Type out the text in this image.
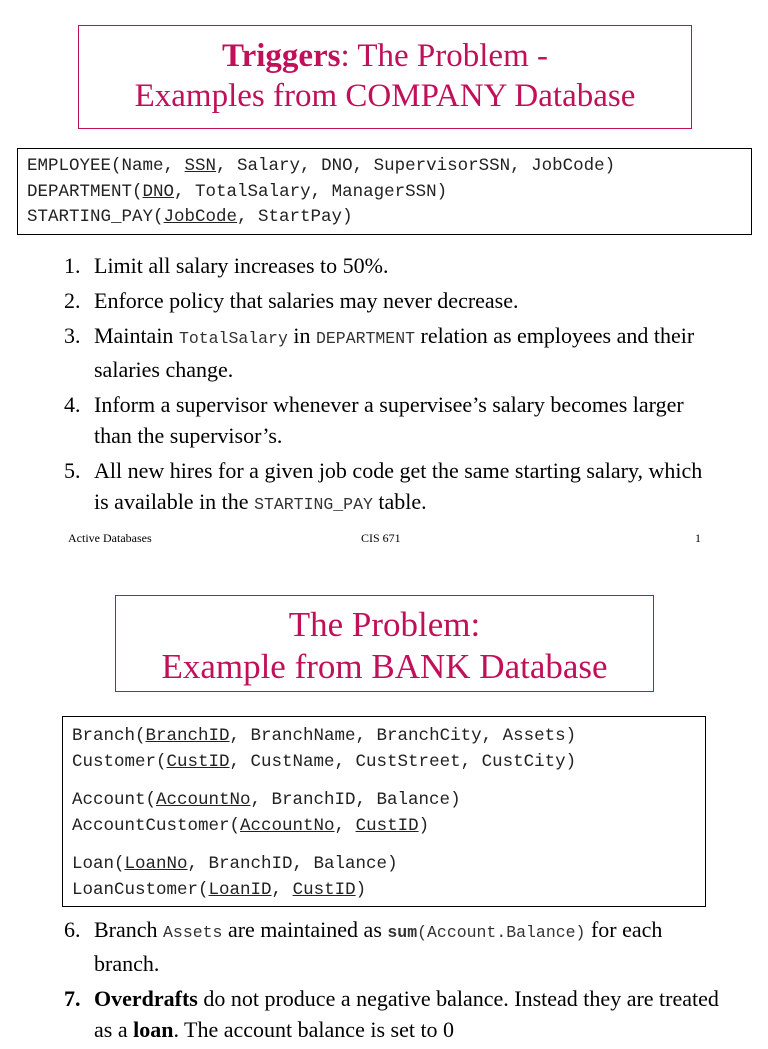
Triggers: The Problem -
Examples from COMPANY Database
EMPLOYEE(Name, SSN, Salary, DNO, SupervisorSSN, JobCode)
DEPARTMENT(DNO, TotalSalary, ManagerSSN)
STARTING_PAY(JobCode, StartPay)
1. Limit all salary increases to 50%.
2. Enforce policy that salaries may never decrease.
3. Maintain TotalSalary in DEPARTMENT relation as employees and their salaries change.
4. Inform a supervisor whenever a supervisee’s salary becomes larger than the supervisor’s.
5. All new hires for a given job code get the same starting salary, which is available in the STARTING_PAY table.
Active Databases	CIS 671	1
The Problem:
Example from BANK Database
Branch(BranchID, BranchName, BranchCity, Assets)
Customer(CustID, CustName, CustStreet, CustCity)
Account(AccountNo, BranchID, Balance)
AccountCustomer(AccountNo, CustID)
Loan(LoanNo, BranchID, Balance)
LoanCustomer(LoanID, CustID)
6. Branch Assets are maintained as sum(Account.Balance) for each branch.
7. Overdrafts do not produce a negative balance. Instead they are treated as a loan. The account balance is set to 0
